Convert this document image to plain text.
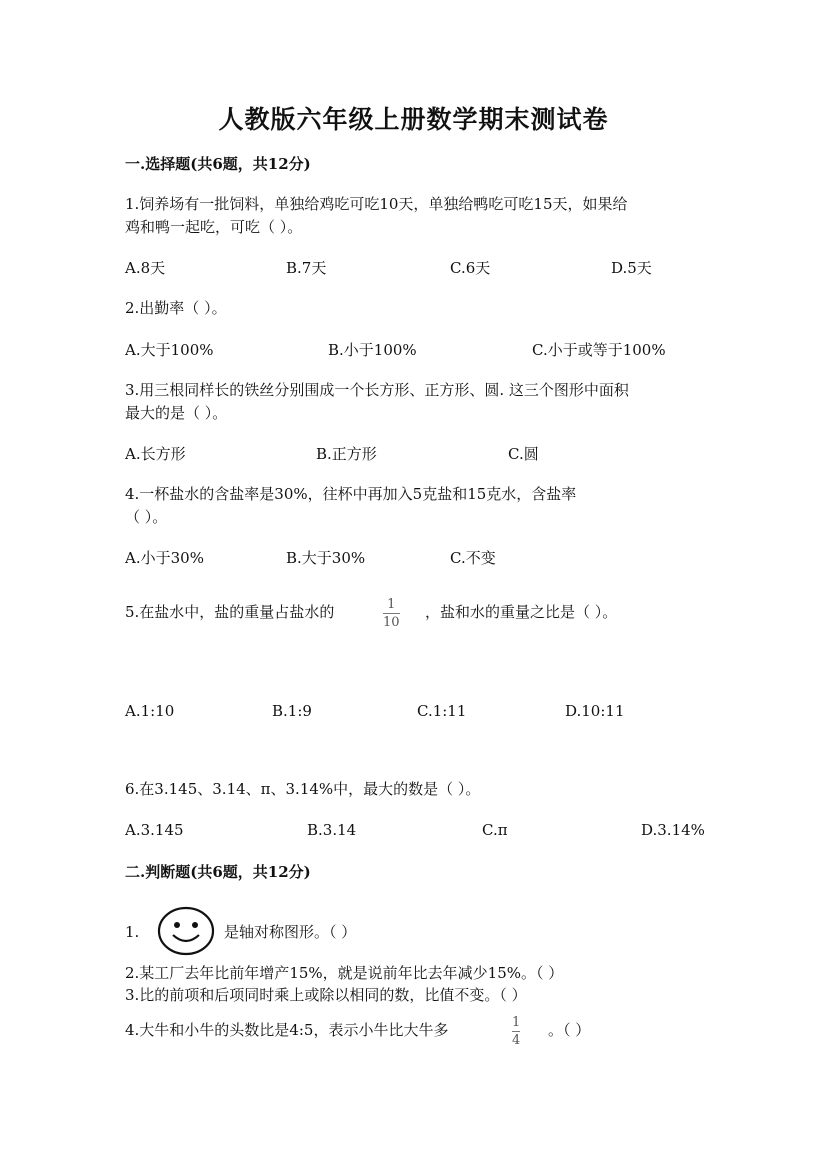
人教版六年级上册数学期末测试卷
一.选择题(共6题，共12分)
1.饲养场有一批饲料，单独给鸡吃可吃10天，单独给鸭吃可吃15天，如果给
鸡和鸭一起吃，可吃（ ）。
A.8天	B.7天	C.6天	D.5天
2.出勤率（ ）。
A.大于100%	B.小于100%	C.小于或等于100%
3.用三根同样长的铁丝分别围成一个长方形、正方形、圆. 这三个图形中面积
最大的是（ ）。
A.长方形	B.正方形	C.圆
4.一杯盐水的含盐率是30%，往杯中再加入5克盐和15克水，含盐率
（ ）。
A.小于30%	B.大于30%	C.不变
5.在盐水中，盐的重量占盐水的	1
10
，盐和水的重量之比是（ ）。
A.1:10	B.1:9	C.1:11	D.10:11
6.在3.145、3.14、π、3.14%中，最大的数是（ ）。
A.3.145	B.3.14	C.π	D.3.14%
二.判断题(共6题，共12分)
1.	是轴对称图形。（ ）
2.某工厂去年比前年增产15%，就是说前年比去年减少15%。（ ）
3.比的前项和后项同时乘上或除以相同的数，比值不变。（ ）
4.大牛和小牛的头数比是4:5，表示小牛比大牛多	1
4
。（ ）
